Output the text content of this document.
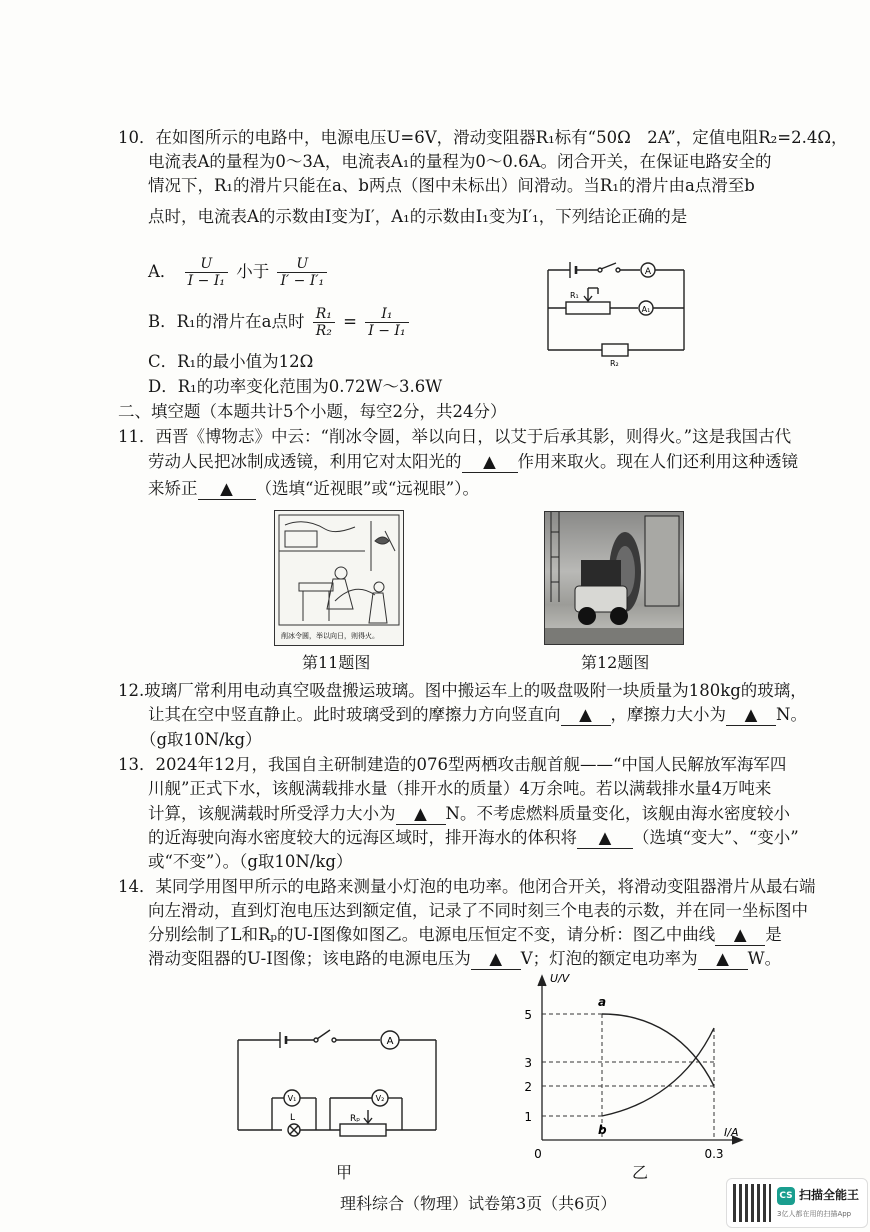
10．在如图所示的电路中，电源电压U=6V，滑动变阻器R₁标有“50Ω　2A”，定值电阻R₂=2.4Ω，
电流表A的量程为0～3A，电流表A₁的量程为0～0.6A。闭合开关，在保证电路安全的
情况下，R₁的滑片只能在a、b两点（图中未标出）间滑动。当R₁的滑片由a点滑至b
点时，电流表A的示数由I变为I′，A₁的示数由I₁变为I′₁，下列结论正确的是
A． $\frac{U}{\text{I − I₁}}$ 小于 $\frac{U}{\text{I′ − I′₁}}$
B．R₁的滑片在a点时 $\frac{\text{R₁}}{\text{R₂}} = \frac{\text{I₁}}{\text{I − I₁}}$
C．R₁的最小值为12Ω
D．R₁的功率变化范围为0.72W～3.6W
A
A₁
R₁
R₂
二、填空题（本题共计5个小题，每空2分，共24分）
11．西晋《博物志》中云：“削冰令圆，举以向日，以艾于后承其影，则得火。”这是我国古代
劳动人民把冰制成透镜，利用它对太阳光的 ▲ 作用来取火。现在人们还利用这种透镜
来矫正 ▲ （选填“近视眼”或“远视眼”）。
削冰令圆，举以向日，则得火。
第11题图	第12题图
12.玻璃厂常利用电动真空吸盘搬运玻璃。图中搬运车上的吸盘吸附一块质量为180kg的玻璃，
让其在空中竖直静止。此时玻璃受到的摩擦力方向竖直向 ▲ ，摩擦力大小为 ▲ N。
（g取10N/kg）
13．2024年12月，我国自主研制建造的076型两栖攻击舰首舰——“中国人民解放军海军四
川舰”正式下水，该舰满载排水量（排开水的质量）4万余吨。若以满载排水量4万吨来
计算，该舰满载时所受浮力大小为 ▲ N。不考虑燃料质量变化，该舰由海水密度较小
的近海驶向海水密度较大的远海区域时，排开海水的体积将 ▲ （选填“变大”、“变小”
或“不变”）。（g取10N/kg）
14．某同学用图甲所示的电路来测量小灯泡的电功率。他闭合开关，将滑动变阻器滑片从最右端
向左滑动，直到灯泡电压达到额定值，记录了不同时刻三个电表的示数，并在同一坐标图中
分别绘制了L和Rₚ的U-I图像如图乙。电源电压恒定不变，请分析：图乙中曲线 ▲ 是
滑动变阻器的U-I图像；该电路的电源电压为 ▲ V；灯泡的额定电功率为 ▲ W。
A
V₁	V₂
L	Rₚ
甲
U/V
I/A
5
3
2
1
0	0.3
a
b
乙
理科综合（物理）试卷第3页（共6页）	CS 扫描全能王
3亿人都在用的扫描App
